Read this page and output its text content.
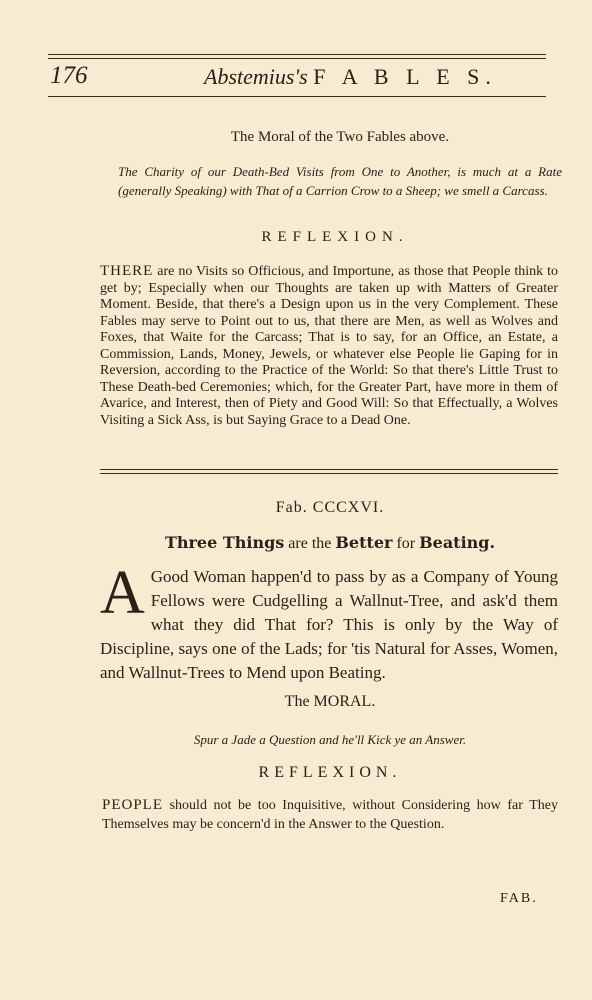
176	Abstemius's F A B L E S.
The Moral of the Two Fables above.

The Charity of our Death-Bed Visits from One to Another, is much at a Rate (generally Speaking) with That of a Carrion Crow to a Sheep; we smell a Carcass.

REFLEXION.

THERE are no Visits so Officious, and Importune, as those that People think to get by; Especially when our Thoughts are taken up with Matters of Greater Moment. Beside, that there's a Design upon us in the very Complement. These Fables may serve to Point out to us, that there are Men, as well as Wolves and Foxes, that Waite for the Carcass; That is to say, for an Office, an Estate, a Commission, Lands, Money, Jewels, or whatever else People lie Gaping for in Reversion, according to the Practice of the World: So that there's Little Trust to These Death-bed Ceremonies; which, for the Greater Part, have more in them of Avarice, and Interest, then of Piety and Good Will: So that Effectually, a Wolves Visiting a Sick Ass, is but Saying Grace to a Dead One.

Fab. CCCXVI.
Three Things are the Better for Beating.
A Good Woman happen'd to pass by as a Company of Young Fellows were Cudgelling a Wallnut-Tree, and ask'd them what they did That for? This is only by the Way of Discipline, says one of the Lads; for 'tis Natural for Asses, Women, and Wallnut-Trees to Mend upon Beating.

The MORAL.
Spur a Jade a Question and he'll Kick ye an Answer.
REFLEXION.
PEOPLE should not be too Inquisitive, without Considering how far They Themselves may be concern'd in the Answer to the Question.
FAB.
